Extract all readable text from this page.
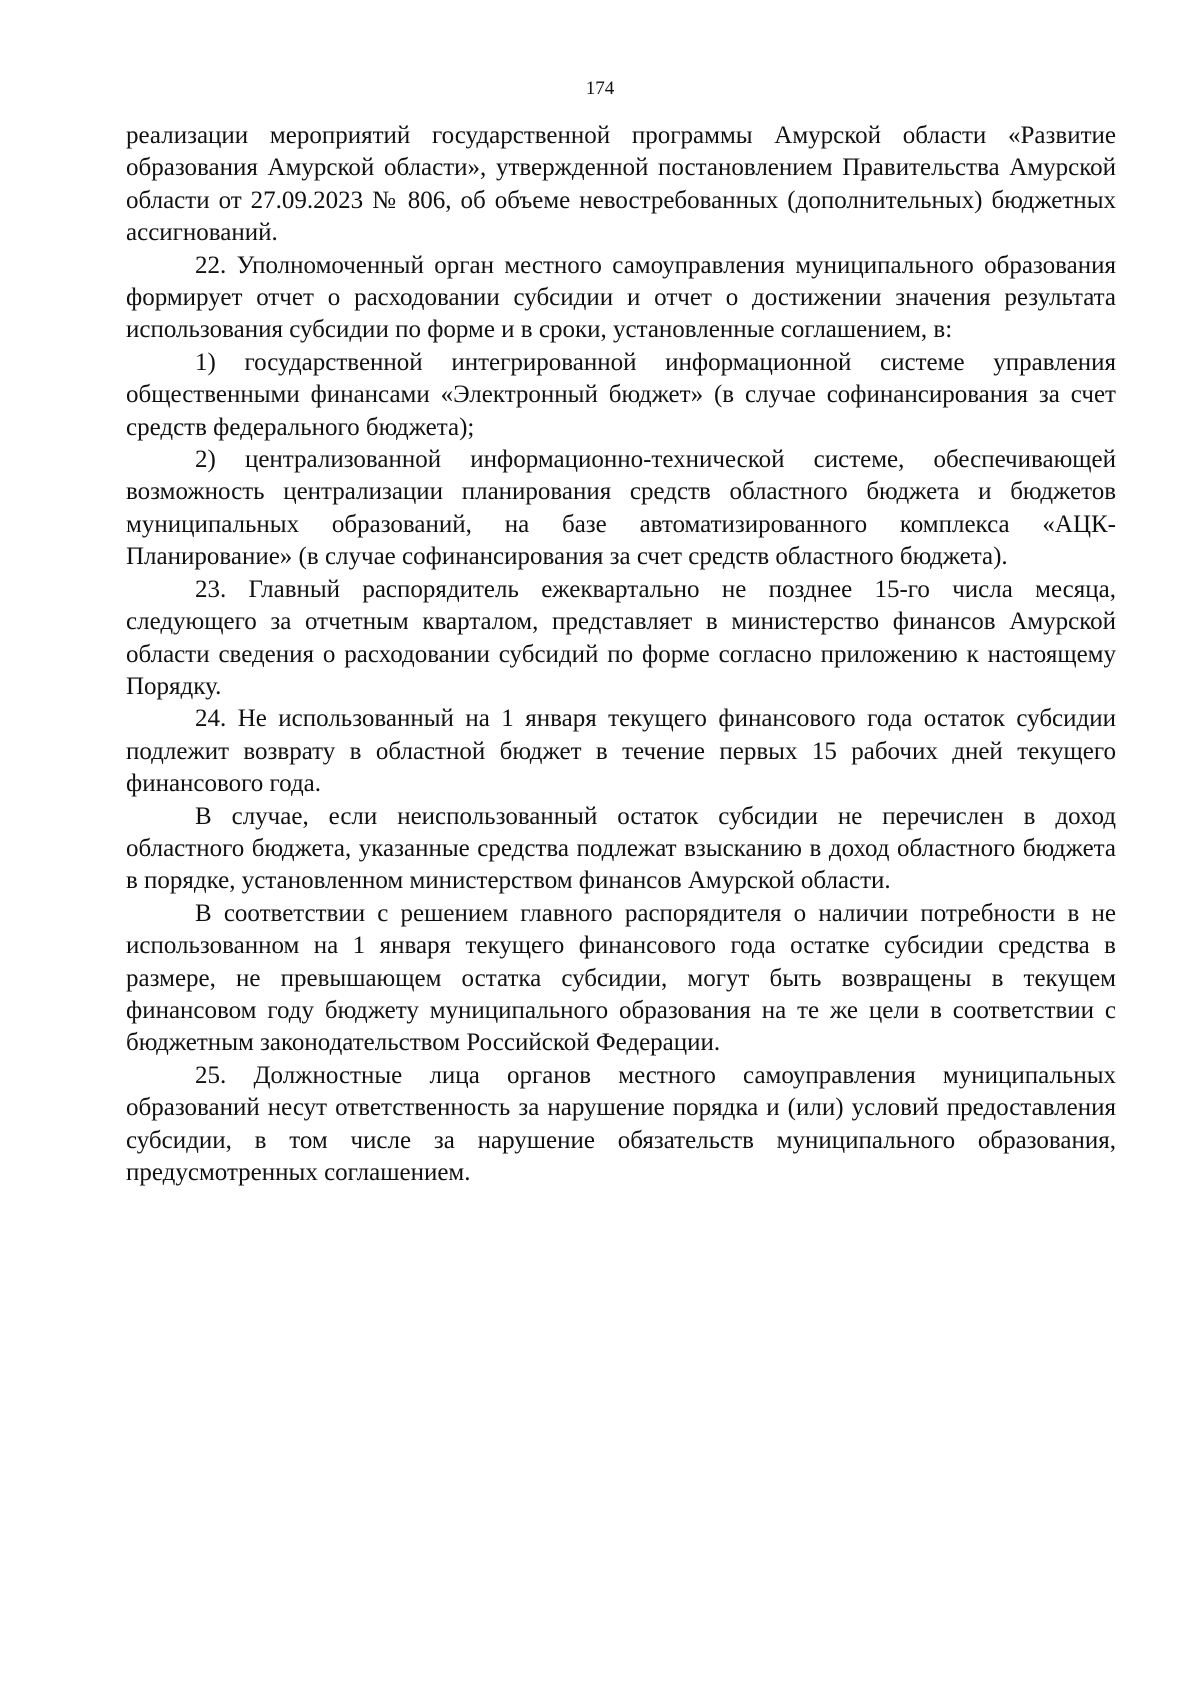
174

реализации мероприятий государственной программы Амурской области «Развитие образования Амурской области», утвержденной постановлением Правительства Амурской области от 27.09.2023 № 806, об объеме невостребованных (дополнительных) бюджетных ассигнований.

22. Уполномоченный орган местного самоуправления муниципального образования формирует отчет о расходовании субсидии и отчет о достижении значения результата использования субсидии по форме и в сроки, установленные соглашением, в:

1) государственной интегрированной информационной системе управления общественными финансами «Электронный бюджет» (в случае софинансирования за счет средств федерального бюджета);

2) централизованной информационно-технической системе, обеспечивающей возможность централизации планирования средств областного бюджета и бюджетов муниципальных образований, на базе автоматизированного комплекса «АЦК-Планирование» (в случае софинансирования за счет средств областного бюджета).

23. Главный распорядитель ежеквартально не позднее 15-го числа месяца, следующего за отчетным кварталом, представляет в министерство финансов Амурской области сведения о расходовании субсидий по форме согласно приложению к настоящему Порядку.

24. Не использованный на 1 января текущего финансового года остаток субсидии подлежит возврату в областной бюджет в течение первых 15 рабочих дней текущего финансового года.

В случае, если неиспользованный остаток субсидии не перечислен в доход областного бюджета, указанные средства подлежат взысканию в доход областного бюджета в порядке, установленном министерством финансов Амурской области.

В соответствии с решением главного распорядителя о наличии потребности в не использованном на 1 января текущего финансового года остатке субсидии средства в размере, не превышающем остатка субсидии, могут быть возвращены в текущем финансовом году бюджету муниципального образования на те же цели в соответствии с бюджетным законодательством Российской Федерации.

25. Должностные лица органов местного самоуправления муниципальных образований несут ответственность за нарушение порядка и (или) условий предоставления субсидии, в том числе за нарушение обязательств муниципального образования, предусмотренных соглашением.
